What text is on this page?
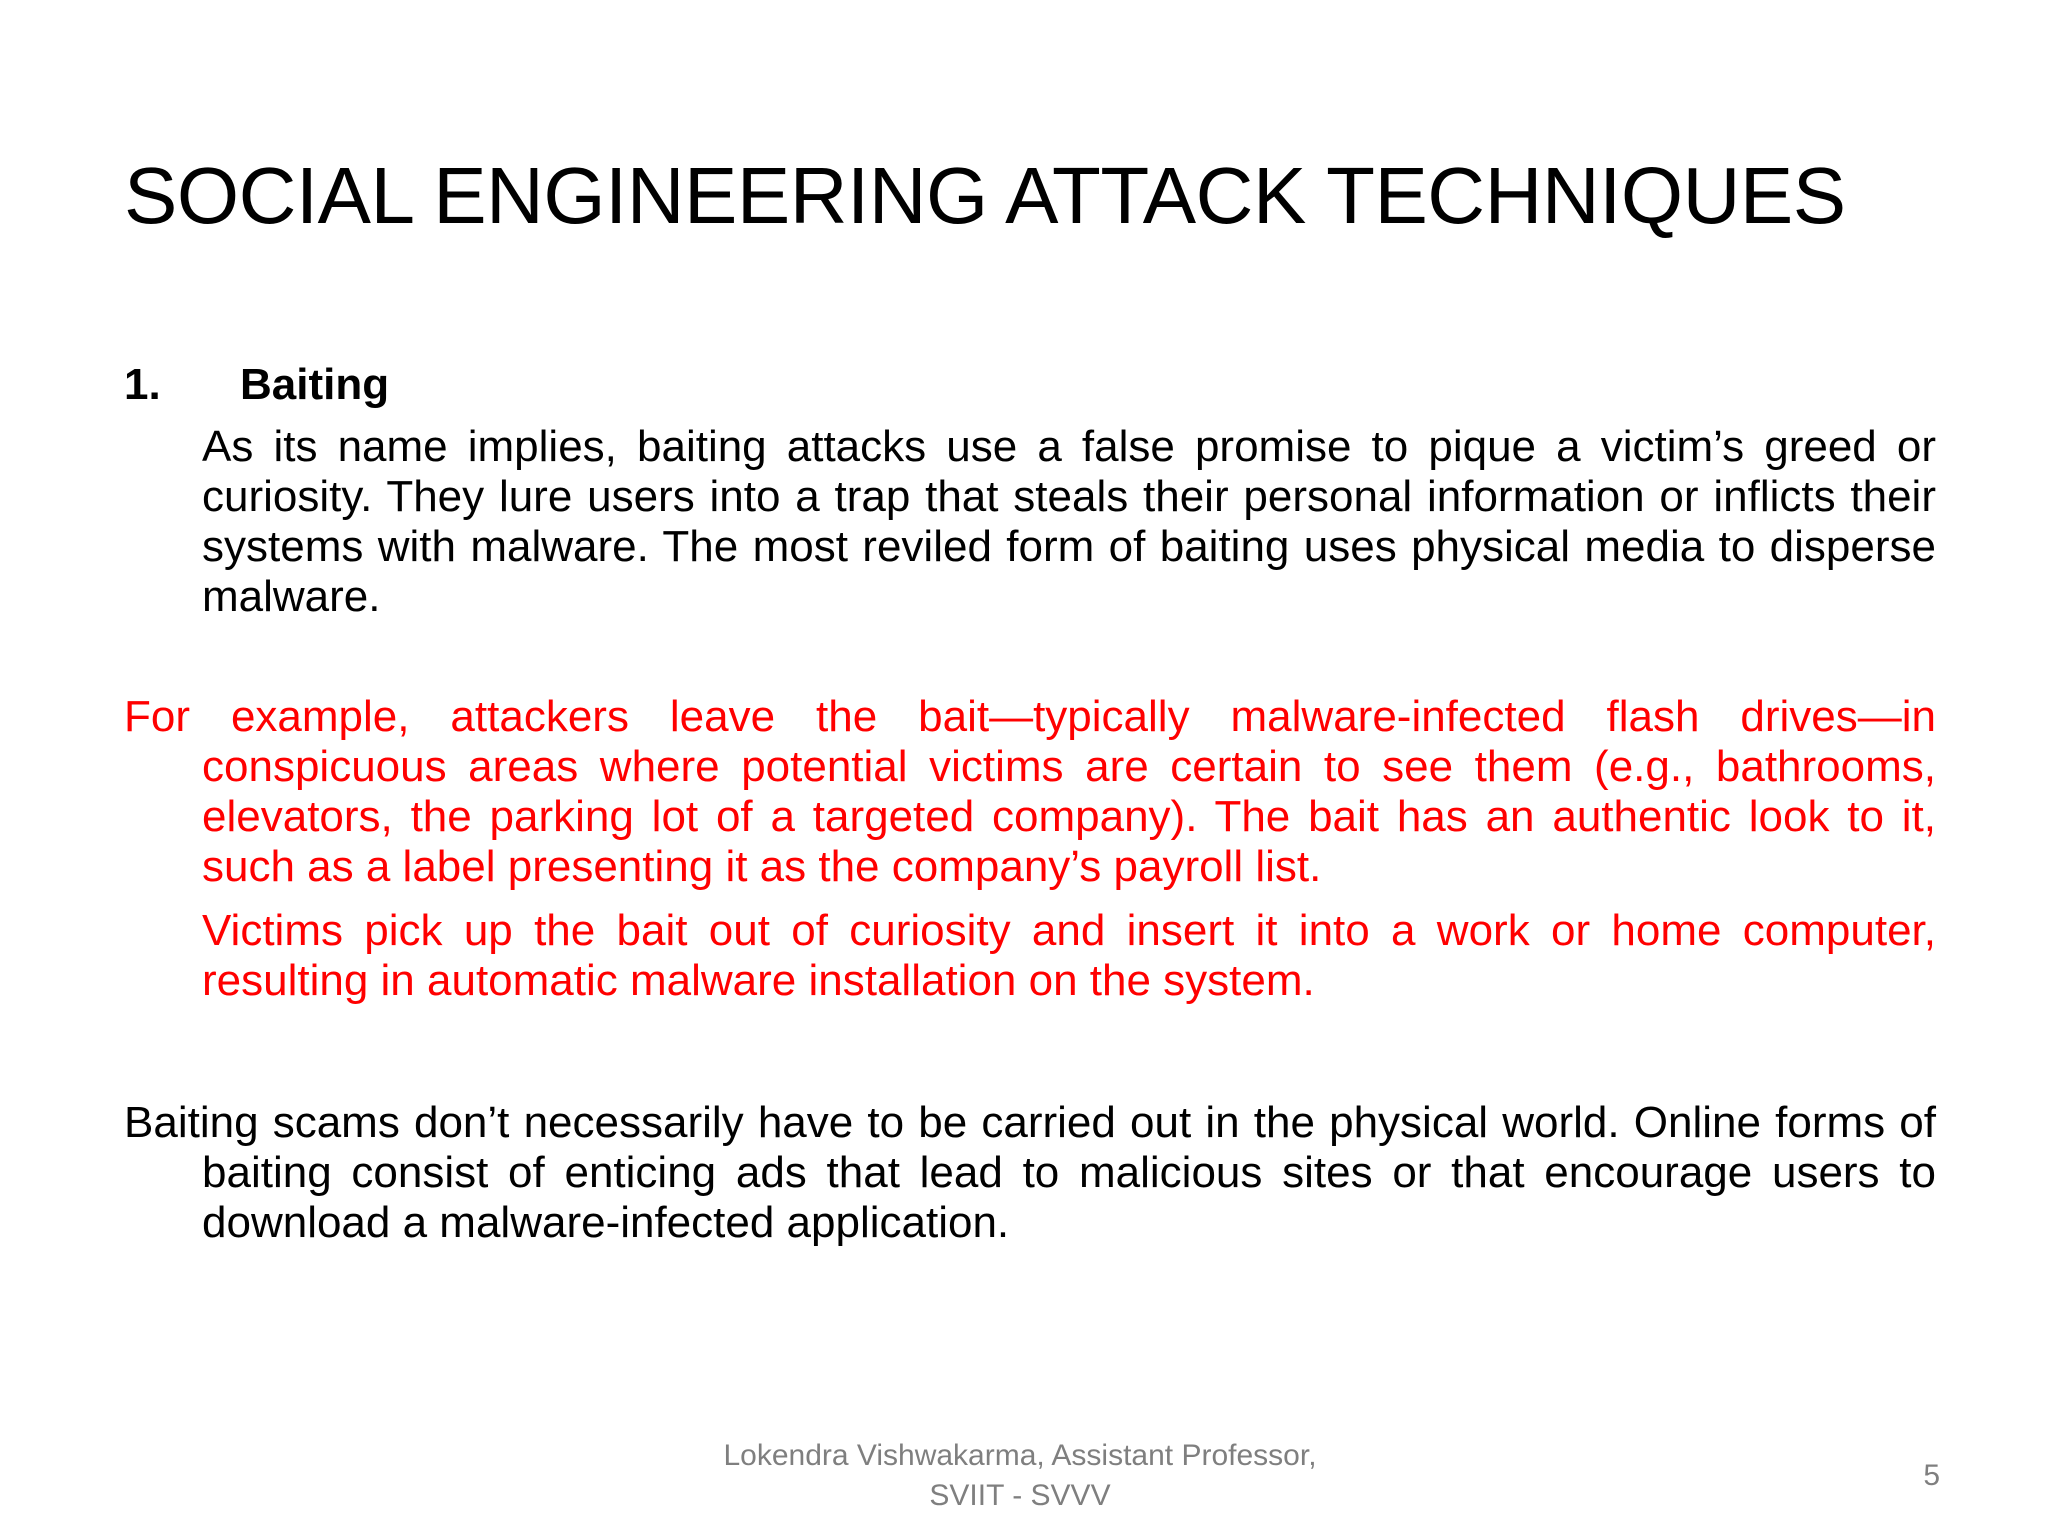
SOCIAL ENGINEERING ATTACK TECHNIQUES
1.	Baiting
As its name implies, baiting attacks use a false promise to pique a victim’s greed or curiosity. They lure users into a trap that steals their personal information or inflicts their systems with malware. The most reviled form of baiting uses physical media to disperse malware.
For example, attackers leave the bait—typically malware-infected flash drives—in conspicuous areas where potential victims are certain to see them (e.g., bathrooms, elevators, the parking lot of a targeted company). The bait has an authentic look to it, such as a label presenting it as the company’s payroll list.
Victims pick up the bait out of curiosity and insert it into a work or home computer, resulting in automatic malware installation on the system.
Baiting scams don’t necessarily have to be carried out in the physical world. Online forms of baiting consist of enticing ads that lead to malicious sites or that encourage users to download a malware-infected application.
Lokendra Vishwakarma, Assistant Professor,
SVIIT - SVVV
5
